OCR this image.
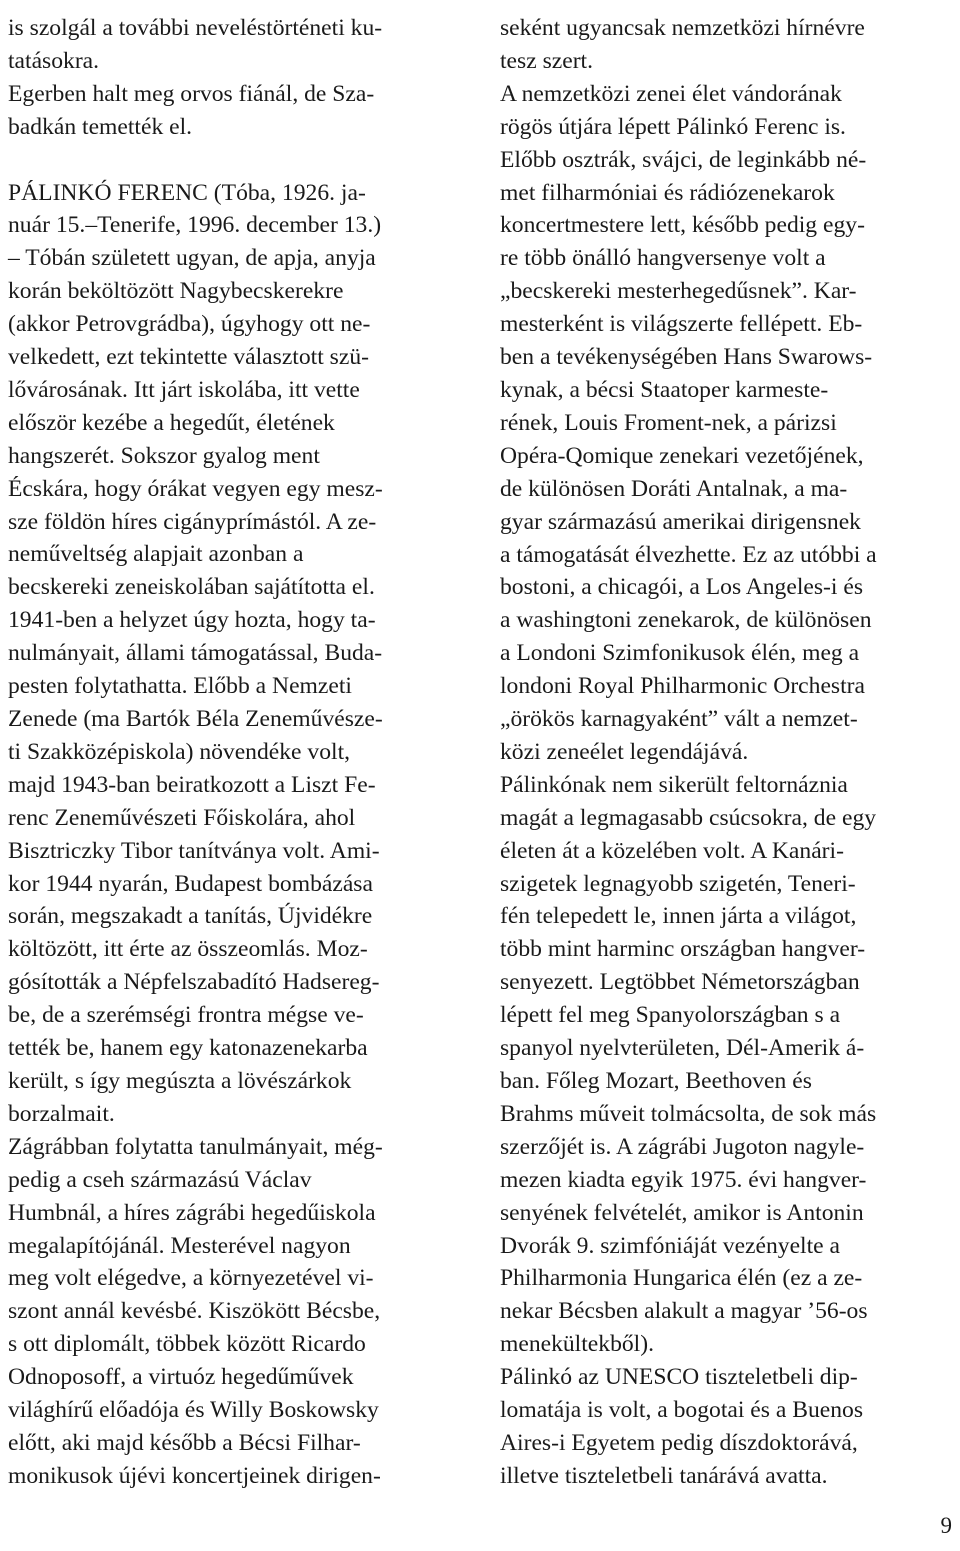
is szolgál a további neveléstörténeti ku-
tatásokra.

Egerben halt meg orvos fiánál, de Sza-
badkán temették el.

PÁLINKÓ FERENC (Tóba, 1926. ja-
nuár 15.–Tenerife, 1996. december 13.)
– Tóbán született ugyan, de apja, anyja
korán beköltözött Nagybecskerekre
(akkor Petrovgrádba), úgyhogy ott ne-
velkedett, ezt tekintette választott szü-
lővárosának. Itt járt iskolába, itt vette
először kezébe a hegedűt, életének
hangszerét. Sokszor gyalog ment
Écskára, hogy órákat vegyen egy mesz-
sze földön híres cigányprímástól. A ze-
neműveltség alapjait azonban a
becskereki zeneiskolában sajátította el.
1941-ben a helyzet úgy hozta, hogy ta-
nulmányait, állami támogatással, Buda-
pesten folytathatta. Előbb a Nemzeti
Zenede (ma Bartók Béla Zeneművésze-
ti Szakközépiskola) növendéke volt,
majd 1943-ban beiratkozott a Liszt Fe-
renc Zeneművészeti Főiskolára, ahol
Bisztriczky Tibor tanítványa volt. Ami-
kor 1944 nyarán, Budapest bombázása
során, megszakadt a tanítás, Újvidékre
költözött, itt érte az összeomlás. Moz-
gósították a Népfelszabadító Hadsereg-
be, de a szerémségi frontra mégse ve-
tették be, hanem egy katonazenekarba
került, s így megúszta a lövészárkok
borzalmait.

Zágrábban folytatta tanulmányait, még-
pedig a cseh származású Václav
Humbnál, a híres zágrábi hegedűiskola
megalapítójánál. Mesterével nagyon
meg volt elégedve, a környezetével vi-
szont annál kevésbé. Kiszökött Bécsbe,
s ott diplomált, többek között Ricardo
Odnoposoff, a virtuóz hegedűművek
világhírű előadója és Willy Boskowsky
előtt, aki majd később a Bécsi Filhar-
monikusok újévi koncertjeinek dirigen-

seként ugyancsak nemzetközi hírnévre
tesz szert.

A nemzetközi zenei élet vándorának
rögös útjára lépett Pálinkó Ferenc is.
Előbb osztrák, svájci, de leginkább né-
met filharmóniai és rádiózenekarok
koncertmestere lett, később pedig egy-
re több önálló hangversenye volt a
„becskereki mesterhegedűsnek”. Kar-
mesterként is világszerte fellépett. Eb-
ben a tevékenységében Hans Swarows-
kynak, a bécsi Staatoper karmeste-
rének, Louis Froment-nek, a párizsi
Opéra-Qomique zenekari vezetőjének,
de különösen Doráti Antalnak, a ma-
gyar származású amerikai dirigensnek
a támogatását élvezhette. Ez az utóbbi a
bostoni, a chicagói, a Los Angeles-i és
a washingtoni zenekarok, de különösen
a Londoni Szimfonikusok élén, meg a
londoni Royal Philharmonic Orchestra
„örökös karnagyaként” vált a nemzet-
közi zeneélet legendájává.

Pálinkónak nem sikerült feltornáznia
magát a legmagasabb csúcsokra, de egy
életen át a közelében volt. A Kanári-
szigetek legnagyobb szigetén, Teneri-
fén telepedett le, innen járta a világot,
több mint harminc országban hangver-
senyezett. Legtöbbet Németországban
lépett fel meg Spanyolországban s a
spanyol nyelvterületen, Dél-Amerik á-
ban. Főleg Mozart, Beethoven és
Brahms műveit tolmácsolta, de sok más
szerzőjét is. A zágrábi Jugoton nagyle-
mezen kiadta egyik 1975. évi hangver-
senyének felvételét, amikor is Antonin
Dvorák 9. szimfóniáját vezényelte a
Philharmonia Hungarica élén (ez a ze-
nekar Bécsben alakult a magyar ’56-os
menekültekből).

Pálinkó az UNESCO tiszteletbeli dip-
lomatája is volt, a bogotai és a Buenos
Aires-i Egyetem pedig díszdoktorává,
illetve tiszteletbeli tanárává avatta.

9
